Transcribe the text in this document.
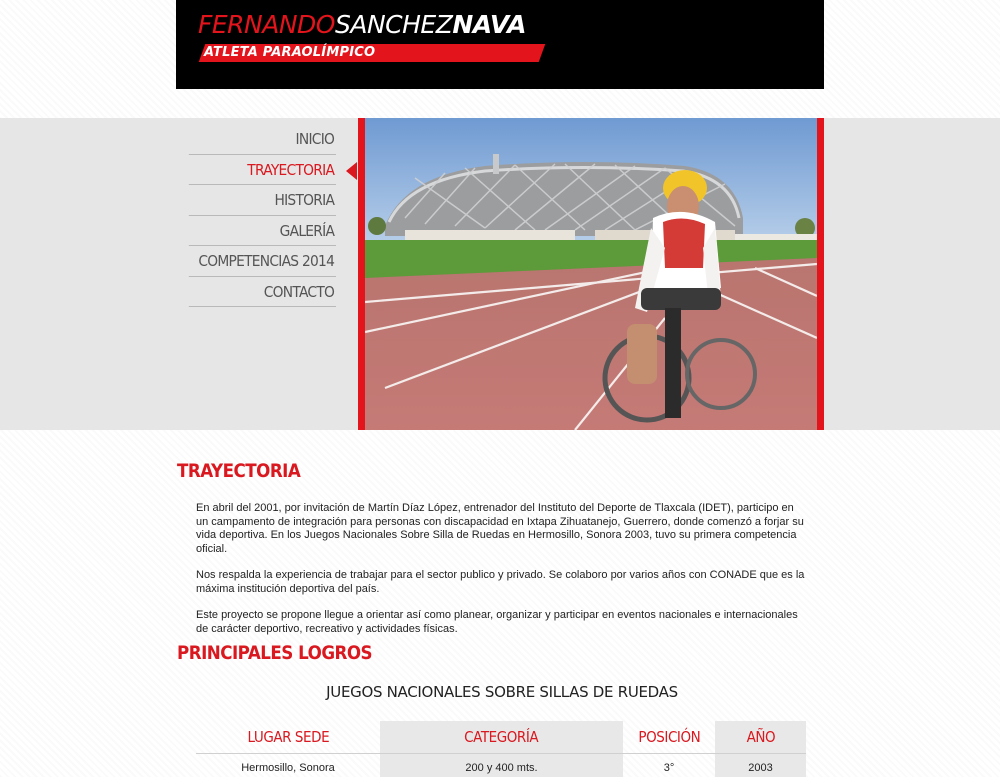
FERNANDOSANCHEZNAVA
ATLETA PARAOLÍMPICO
INICIO
TRAYECTORIA
HISTORIA
GALERÍA
COMPETENCIAS 2014
CONTACTO
TRAYECTORIA

En abril del 2001, por invitación de Martín Díaz López, entrenador del Instituto del Deporte de Tlaxcala (IDET), participo en un campamento de integración para personas con discapacidad en Ixtapa Zihuatanejo, Guerrero, donde comenzó a forjar su vida deportiva. En los Juegos Nacionales Sobre Silla de Ruedas en Hermosillo, Sonora 2003, tuvo su primera competencia oficial.

Nos respalda la experiencia de trabajar para el sector publico y privado. Se colaboro por varios años con CONADE que es la máxima institución deportiva del país.

Este proyecto se propone llegue a orientar así como planear, organizar y participar en eventos nacionales e internacionales de carácter deportivo, recreativo y actividades físicas.

PRINCIPALES LOGROS
JUEGOS NACIONALES SOBRE SILLAS DE RUEDAS
LUGAR SEDE	CATEGORÍA	POSICIÓN	AÑO
Hermosillo, Sonora	200 y 400 mts.	3°	2003
